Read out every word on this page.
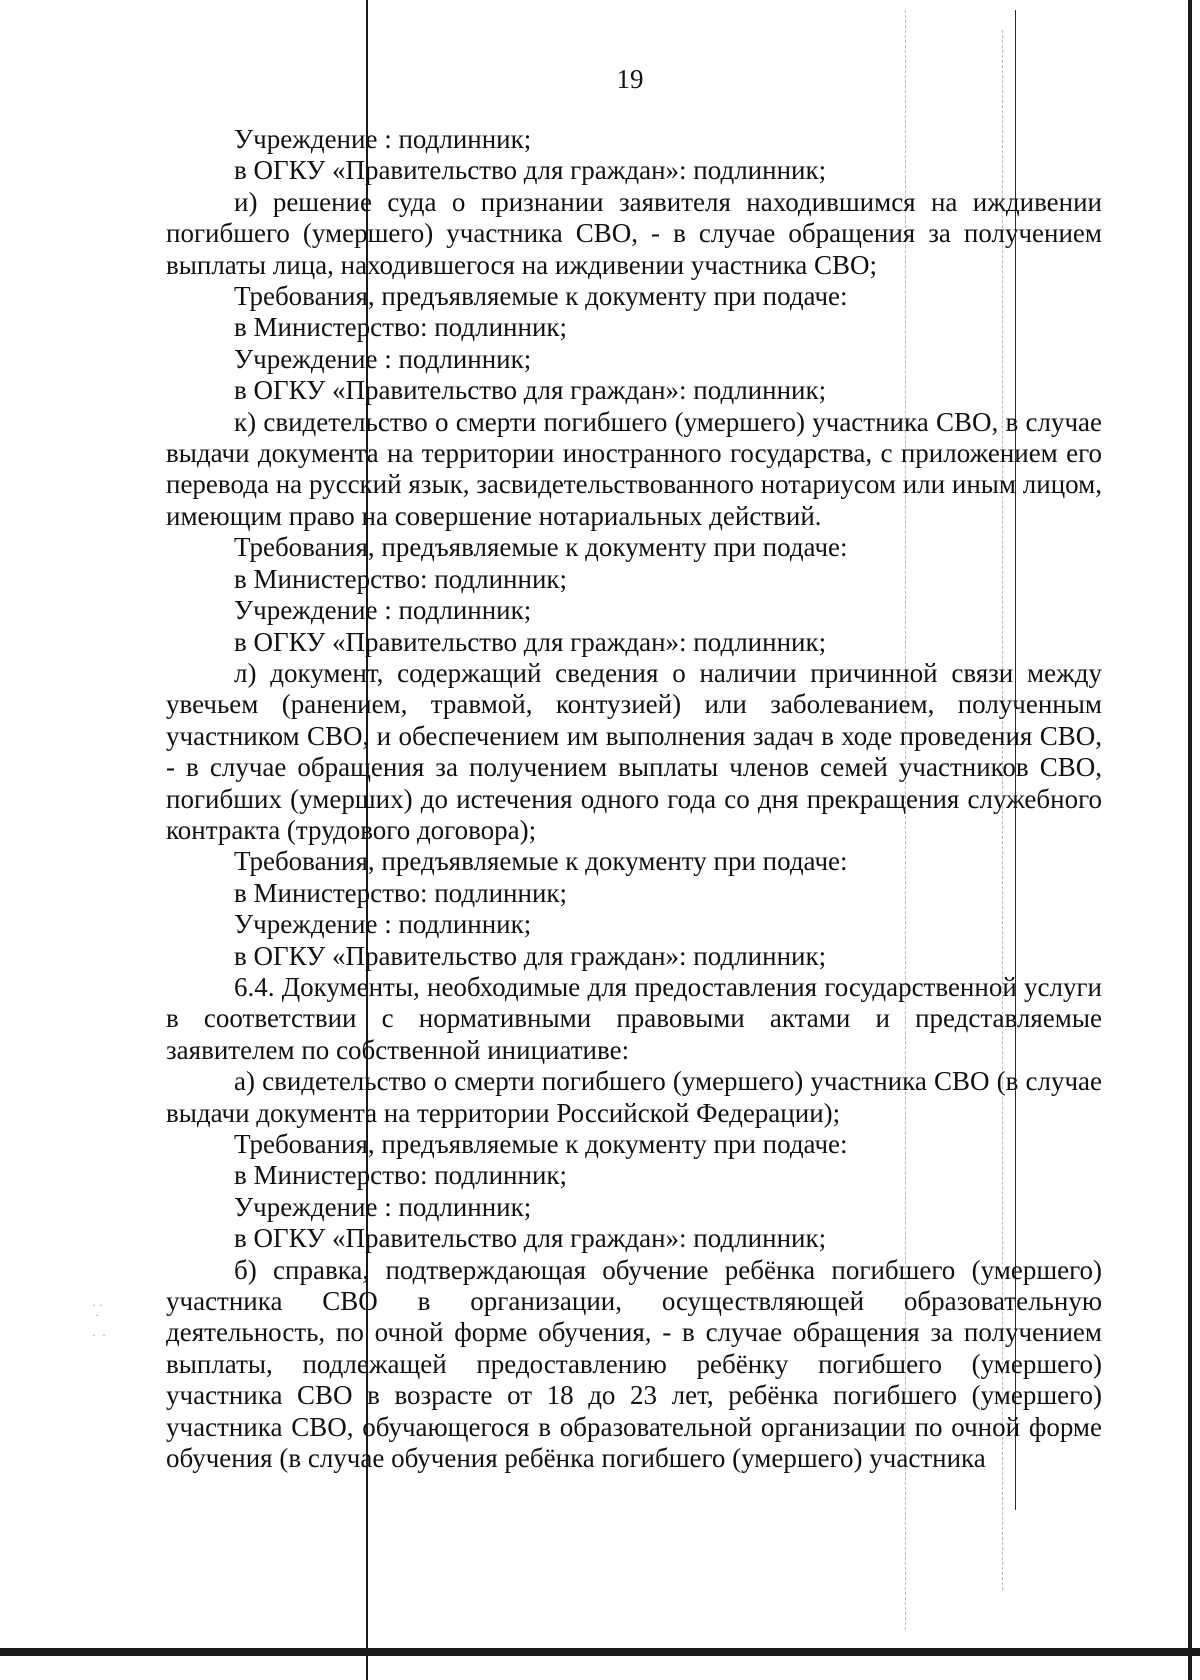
· ·
·

·  ·
19

Учреждение : подлинник;

в ОГКУ «Правительство для граждан»: подлинник;

и) решение суда о признании заявителя находившимся на иждивении погибшего (умершего) участника СВО, - в случае обращения за получением выплаты лица, находившегося на иждивении участника СВО;

Требования, предъявляемые к документу при подаче:

в Министерство: подлинник;

Учреждение : подлинник;

в ОГКУ «Правительство для граждан»: подлинник;

к) свидетельство о смерти погибшего (умершего) участника СВО, в случае выдачи документа на территории иностранного государства, с приложением его перевода на русский язык, засвидетельствованного нотариусом или иным лицом, имеющим право на совершение нотариальных действий.

Требования, предъявляемые к документу при подаче:

в Министерство: подлинник;

Учреждение : подлинник;

в ОГКУ «Правительство для граждан»: подлинник;

л) документ, содержащий сведения о наличии причинной связи между увечьем (ранением, травмой, контузией) или заболеванием, полученным участником СВО, и обеспечением им выполнения задач в ходе проведения СВО, - в случае обращения за получением выплаты членов семей участников СВО, погибших (умерших) до истечения одного года со дня прекращения служебного контракта (трудового договора);

Требования, предъявляемые к документу при подаче:

в Министерство: подлинник;

Учреждение : подлинник;

в ОГКУ «Правительство для граждан»: подлинник;

6.4. Документы, необходимые для предоставления государственной услуги в соответствии с нормативными правовыми актами и представляемые заявителем по собственной инициативе:

а) свидетельство о смерти погибшего (умершего) участника СВО (в случае выдачи документа на территории Российской Федерации);

Требования, предъявляемые к документу при подаче:

в Министерство: подлинник;

Учреждение : подлинник;

в ОГКУ «Правительство для граждан»: подлинник;

б) справка, подтверждающая обучение ребёнка погибшего (умершего) участника СВО в организации, осуществляющей образовательную деятельность, по очной форме обучения, - в случае обращения за получением выплаты, подлежащей предоставлению ребёнку погибшего (умершего) участника СВО в возрасте от 18 до 23 лет, ребёнка погибшего (умершего) участника СВО, обучающегося в образовательной организации по очной форме обучения (в случае обучения ребёнка погибшего (умершего) участника
